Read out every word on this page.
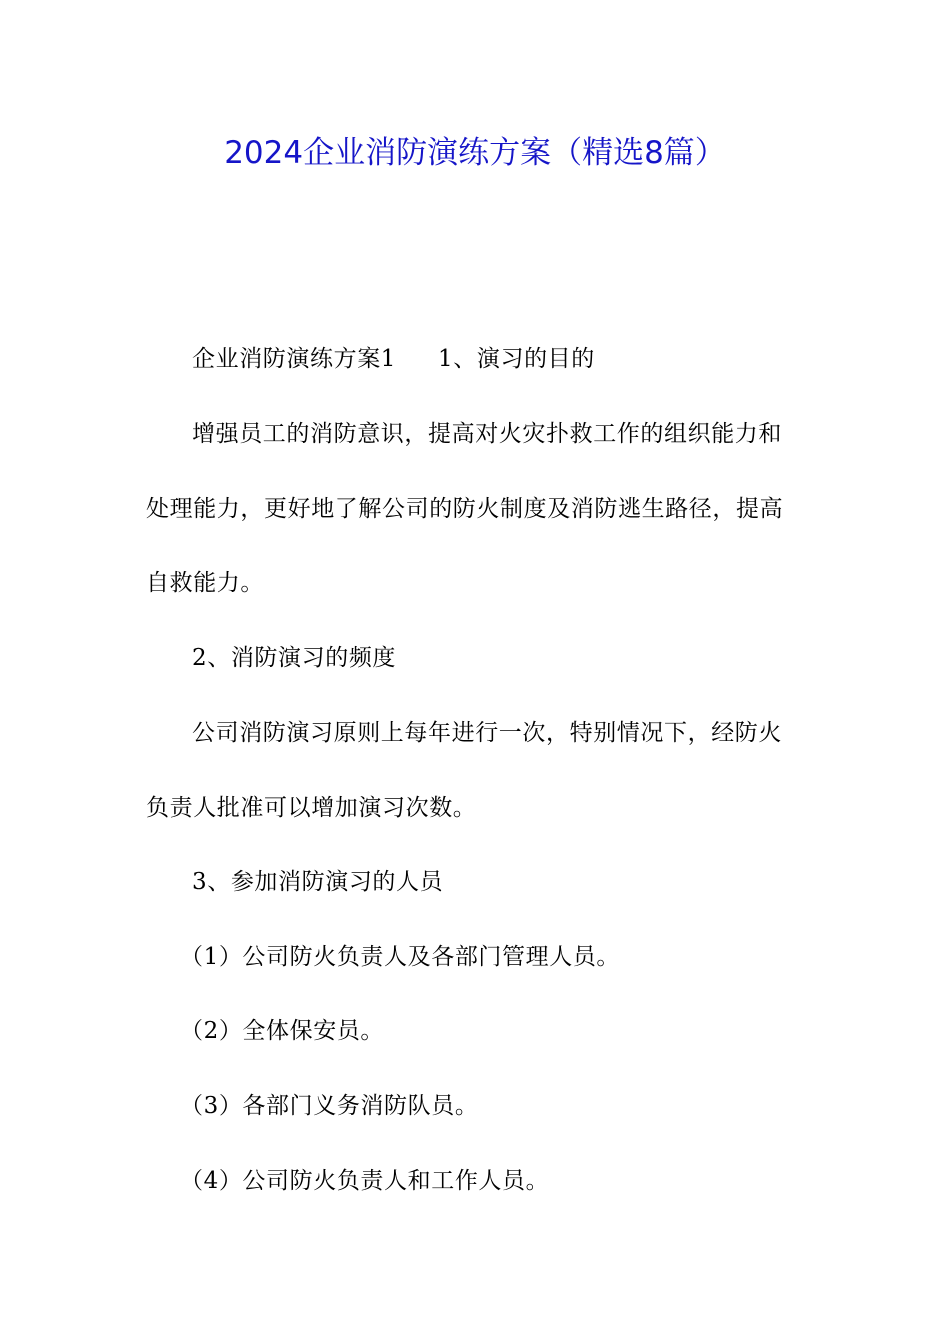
2024企业消防演练方案（精选8篇）
企业消防演练方案1 1、演习的目的
增强员工的消防意识，提高对火灾扑救工作的组织能力和
处理能力，更好地了解公司的防火制度及消防逃生路径，提高
自救能力。
2、消防演习的频度
公司消防演习原则上每年进行一次，特别情况下，经防火
负责人批准可以增加演习次数。
3、参加消防演习的人员
（1）公司防火负责人及各部门管理人员。
（2）全体保安员。
（3）各部门义务消防队员。
（4）公司防火负责人和工作人员。
